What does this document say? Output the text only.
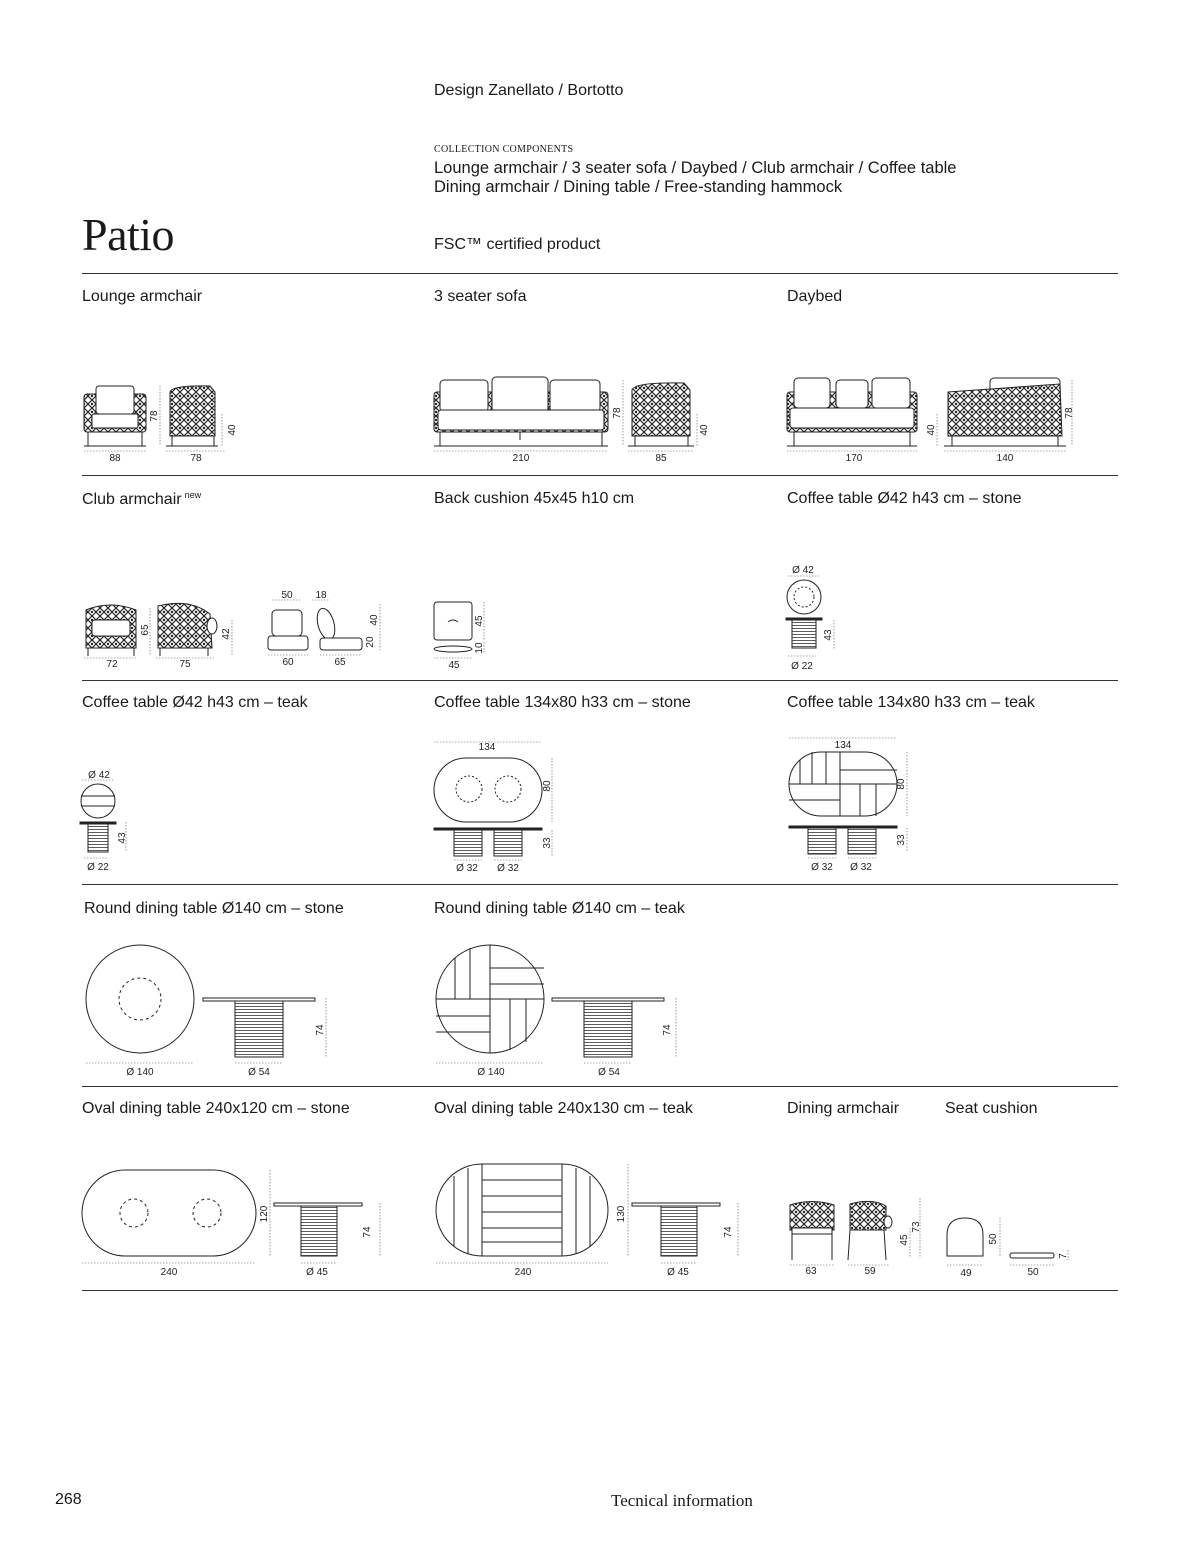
Design Zanellato / Bortotto
COLLECTION COMPONENTS
Lounge armchair / 3 seater sofa / Daybed / Club armchair / Coffee table
Dining armchair / Dining table / Free-standing hammock
Patio	FSC™ certified product
Lounge armchair	3 seater sofa	Daybed
Club armchair $^{new}$	Back cushion 45x45 h10 cm	Coffee table Ø42 h43 cm – stone
Coffee table Ø42 h43 cm – teak	Coffee table 134x80 h33 cm – stone	Coffee table 134x80 h33 cm – teak
Round dining table Ø140 cm – stone	Round dining table Ø140 cm – teak
Oval dining table 240x120 cm – stone	Oval dining table 240x130 cm – teak	Dining armchair	Seat cushion
88	78
78
40
210	85
78
40
170	140
40
78
72	75
65	42
50 18
60	65
40
20
45
45
10
Ø 42
43
Ø 22
Ø 42
43
Ø 22
134
80
33
Ø 32 Ø 32
134
80
33
Ø 32 Ø 32
Ø 140	Ø 54
74
Ø 140	Ø 54
74
240
120
Ø 45
74
240
130
Ø 45
74
63	59
45
73
49
50
50
7
268	Tecnical information
